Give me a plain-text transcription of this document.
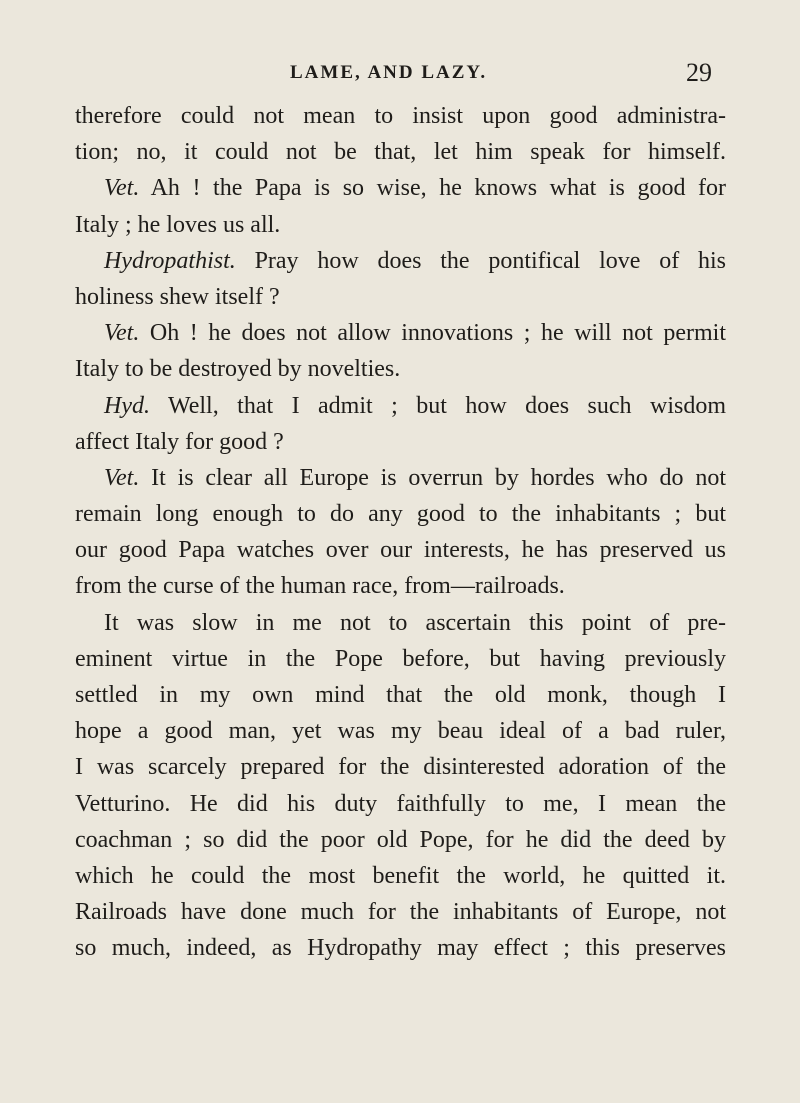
LAME, AND LAZY.	29
therefore could not mean to insist upon good administra-
tion; no, it could not be that, let him speak for himself.
Vet. Ah ! the Papa is so wise, he knows what is good for
Italy ; he loves us all.
Hydropathist. Pray how does the pontifical love of his
holiness shew itself ?
Vet. Oh ! he does not allow innovations ; he will not permit
Italy to be destroyed by novelties.
Hyd. Well, that I admit ; but how does such wisdom
affect Italy for good ?
Vet. It is clear all Europe is overrun by hordes who do not
remain long enough to do any good to the inhabitants ; but
our good Papa watches over our interests, he has preserved us
from the curse of the human race, from—railroads.
It was slow in me not to ascertain this point of pre-
eminent virtue in the Pope before, but having previously
settled in my own mind that the old monk, though I
hope a good man, yet was my beau ideal of a bad ruler,
I was scarcely prepared for the disinterested adoration of the
Vetturino. He did his duty faithfully to me, I mean the
coachman ; so did the poor old Pope, for he did the deed by
which he could the most benefit the world, he quitted it.
Railroads have done much for the inhabitants of Europe, not
so much, indeed, as Hydropathy may effect ; this preserves
